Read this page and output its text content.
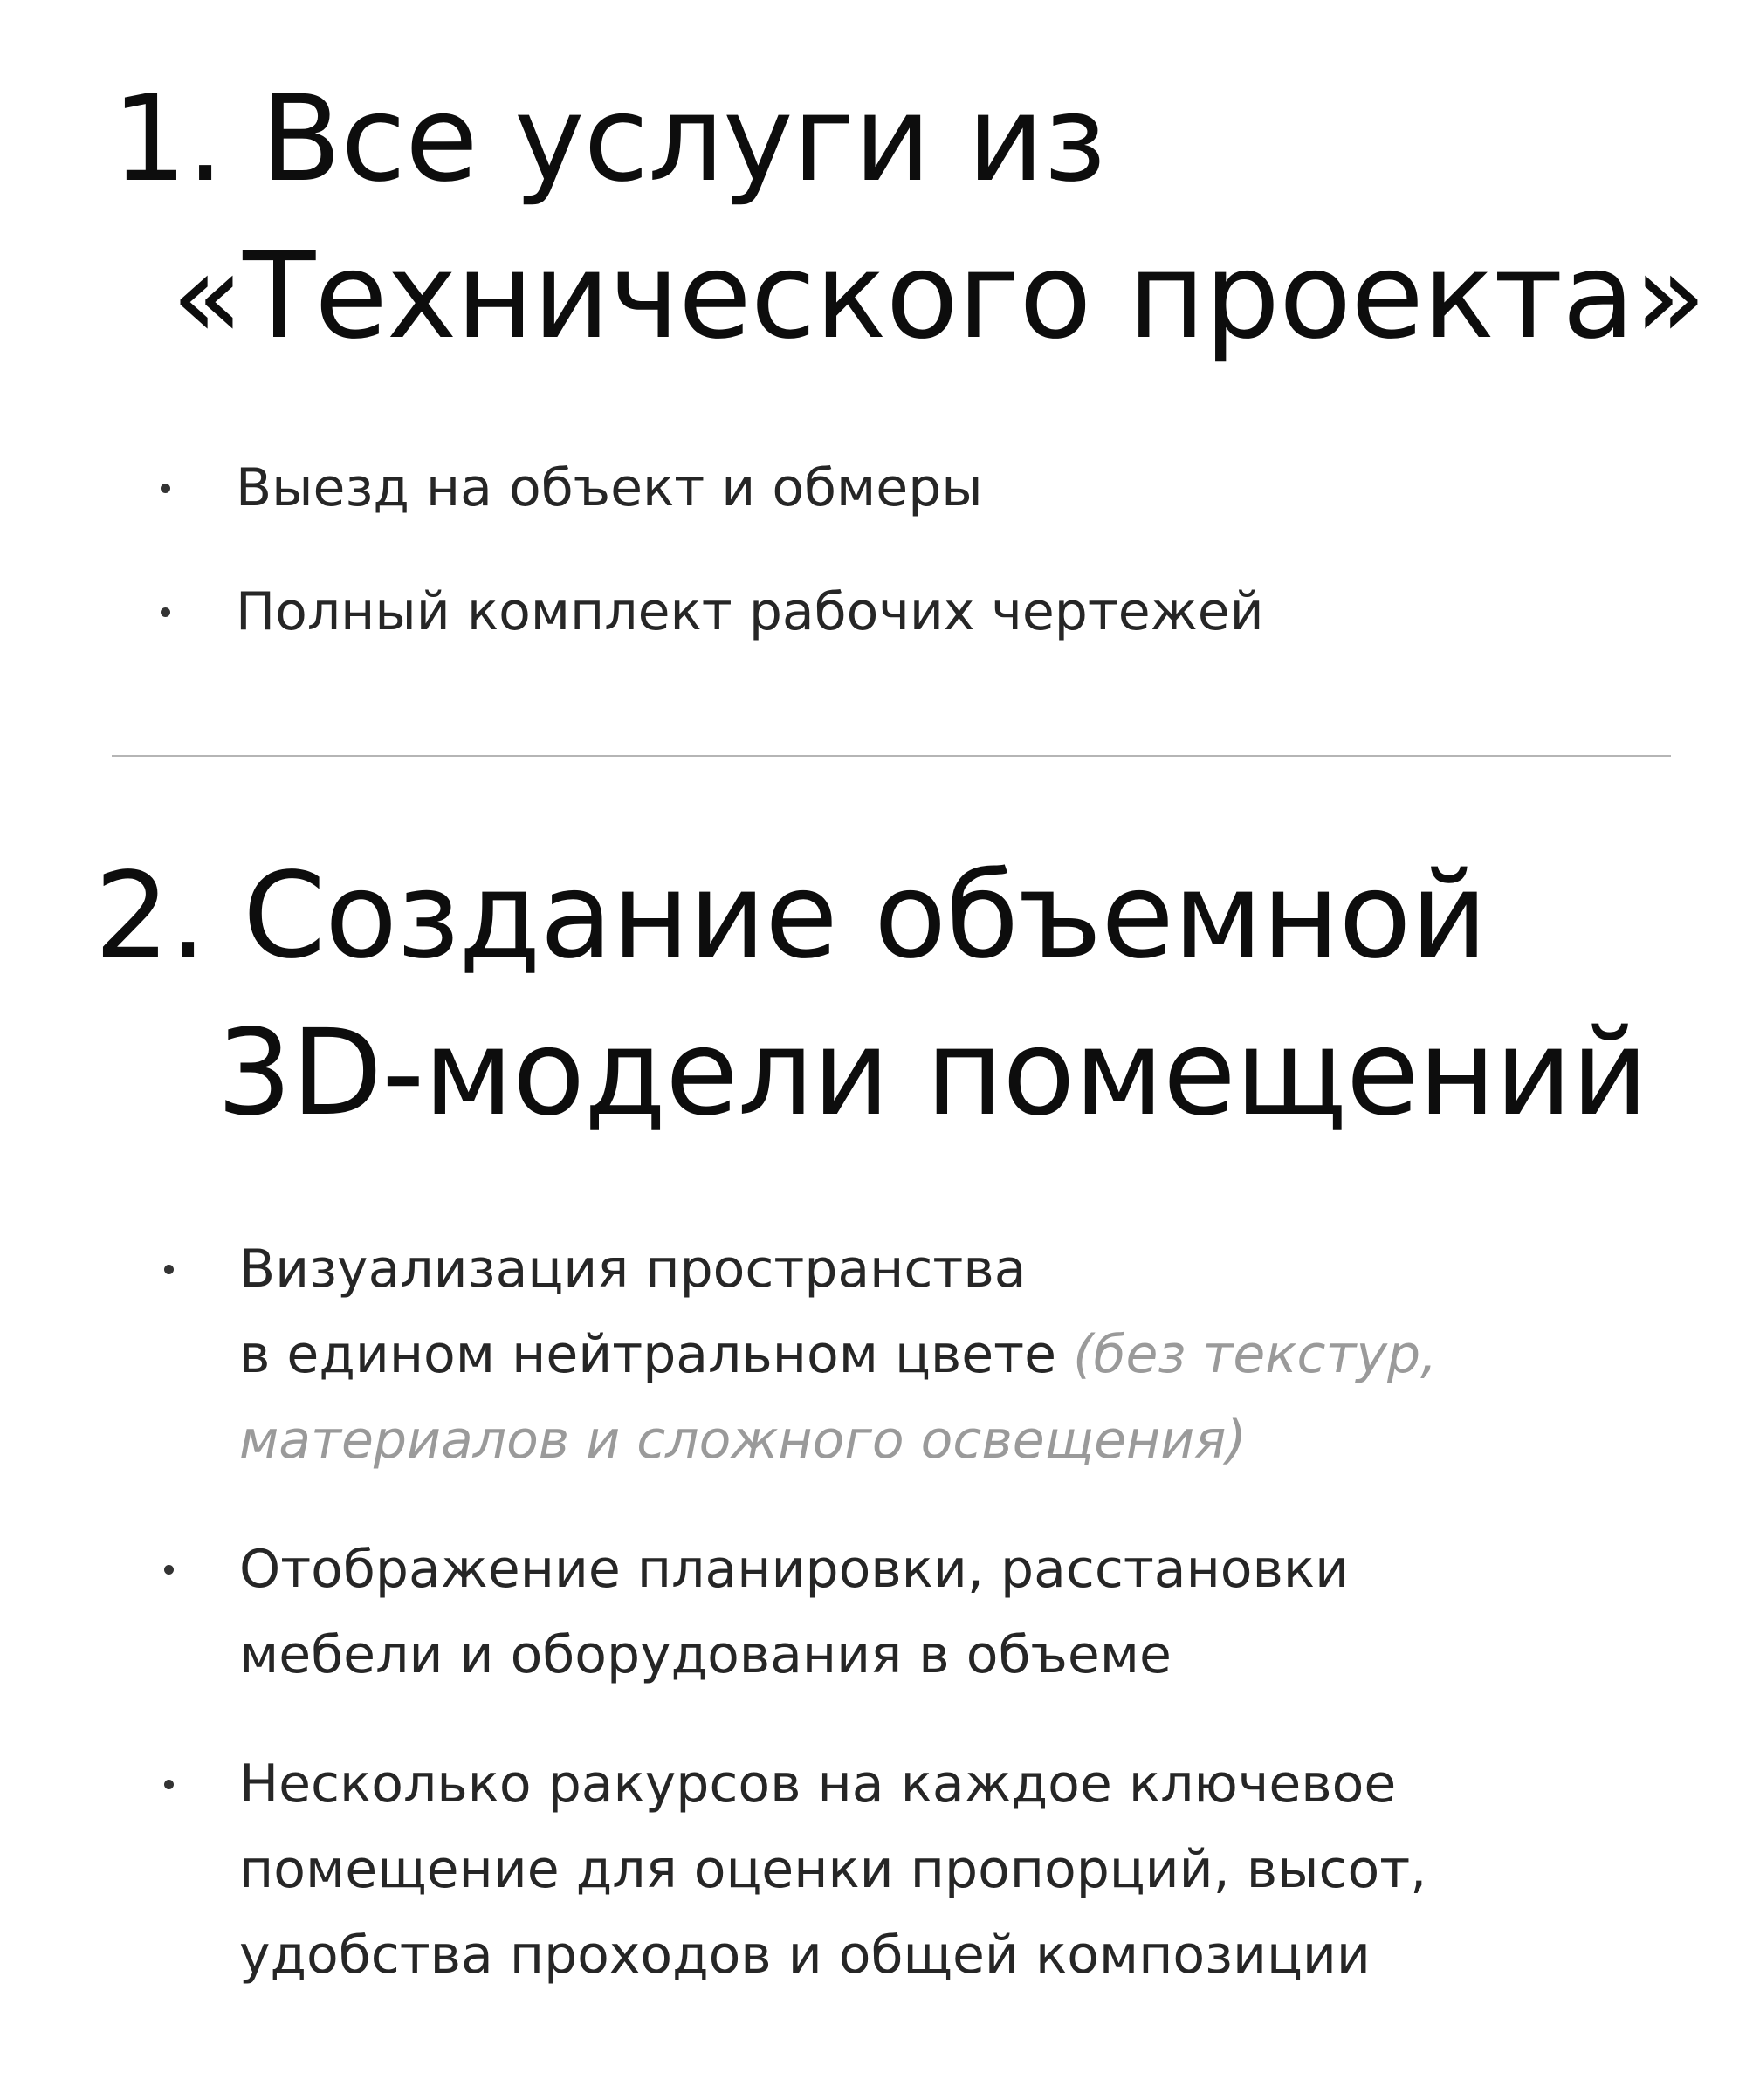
1. Все услуги из
«Технического проекта»
Выезд на объект и обмеры
Полный комплект рабочих чертежей
2. Создание объемной
3D-модели помещений
Визуализация пространства
в едином нейтральном цвете (без текстур,
материалов и сложного освещения)
Отображение планировки, расстановки
мебели и оборудования в объеме
Несколько ракурсов на каждое ключевое
помещение для оценки пропорций, высот,
удобства проходов и общей композиции
